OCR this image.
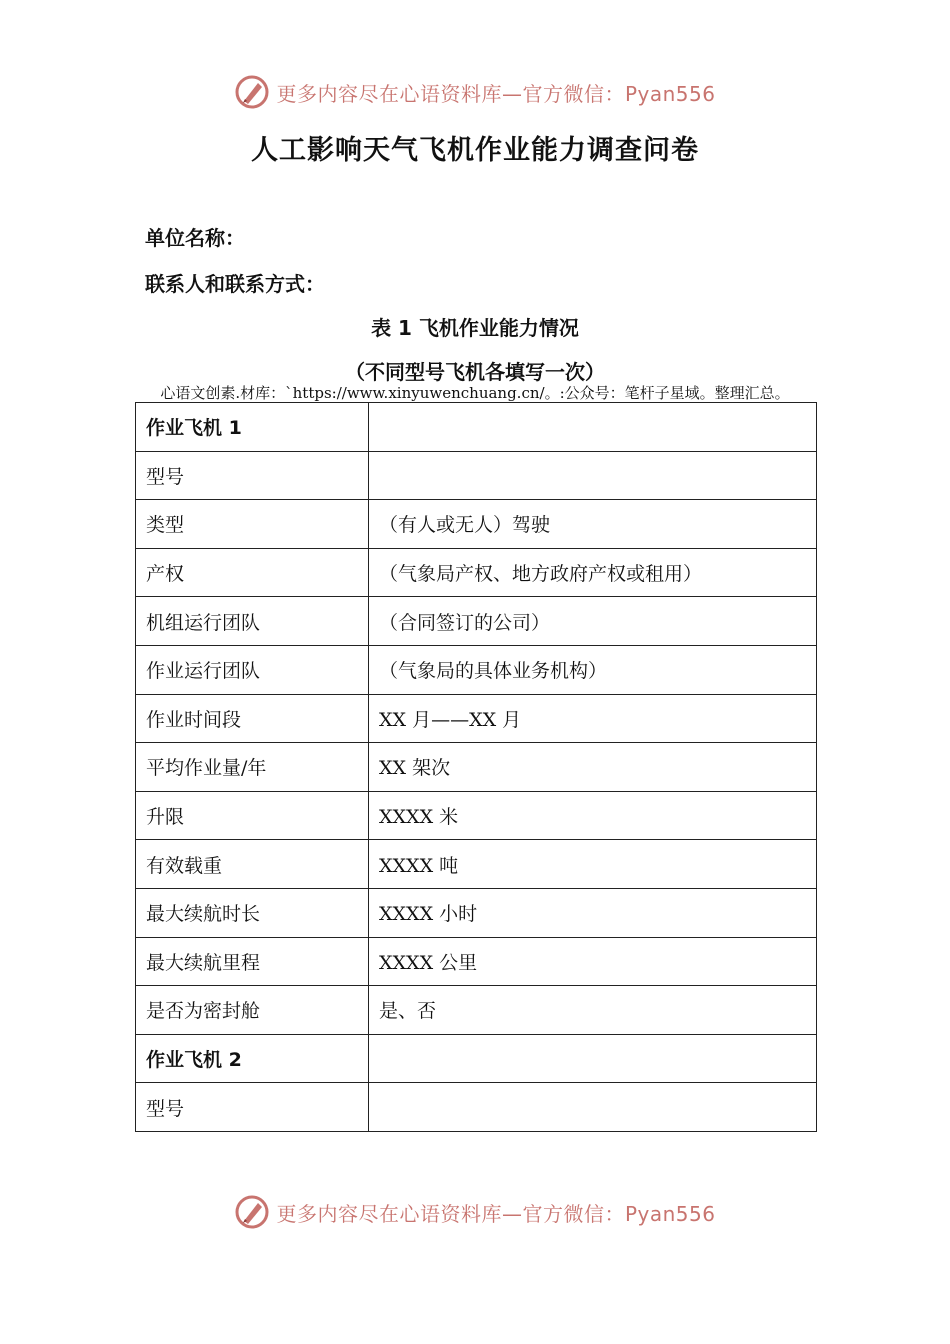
更多内容尽在心语资料库—官方微信：Pyan556
人工影响天气飞机作业能力调查问卷
单位名称：
联系人和联系方式：
表 1 飞机作业能力情况
（不同型号飞机各填写一次）
心语文创素.材库：`https://www.xinyuwenchuang.cn/。:公众号：笔杆子星域。整理汇总。
作业飞机 1	
型号	
类型	（有人或无人）驾驶
产权	（气象局产权、地方政府产权或租用）
机组运行团队	（合同签订的公司）
作业运行团队	（气象局的具体业务机构）
作业时间段	XX 月——XX 月
平均作业量/年	XX 架次
升限	XXXX 米
有效载重	XXXX 吨
最大续航时长	XXXX 小时
最大续航里程	XXXX 公里
是否为密封舱	是、否
作业飞机 2	
型号	
更多内容尽在心语资料库—官方微信：Pyan556
